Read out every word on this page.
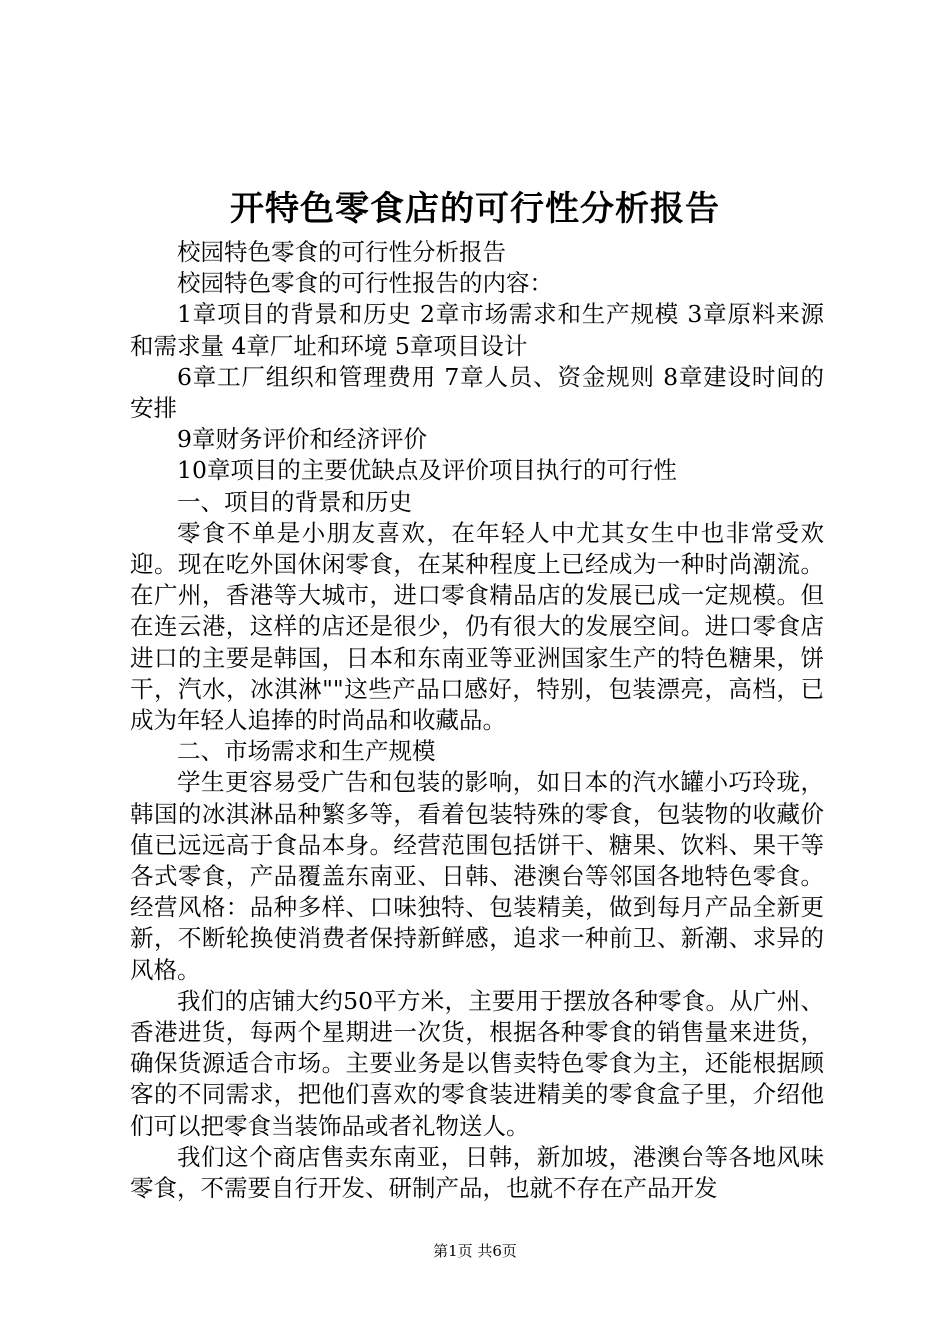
开特色零食店的可行性分析报告

校园特色零食的可行性分析报告

校园特色零食的可行性报告的内容：

1章项目的背景和历史 2章市场需求和生产规模 3章原料来源和需求量 4章厂址和环境 5章项目设计

6章工厂组织和管理费用 7章人员、资金规则 8章建设时间的安排

9章财务评价和经济评价

10章项目的主要优缺点及评价项目执行的可行性

一、项目的背景和历史

零食不单是小朋友喜欢，在年轻人中尤其女生中也非常受欢迎。现在吃外国休闲零食，在某种程度上已经成为一种时尚潮流。在广州，香港等大城市，进口零食精品店的发展已成一定规模。但在连云港，这样的店还是很少，仍有很大的发展空间。进口零食店进口的主要是韩国，日本和东南亚等亚洲国家生产的特色糖果，饼干，汽水，冰淇淋""这些产品口感好，特别，包装漂亮，高档，已成为年轻人追捧的时尚品和收藏品。

二、市场需求和生产规模

学生更容易受广告和包装的影响，如日本的汽水罐小巧玲珑，韩国的冰淇淋品种繁多等，看着包装特殊的零食，包装物的收藏价值已远远高于食品本身。经营范围包括饼干、糖果、饮料、果干等各式零食，产品覆盖东南亚、日韩、港澳台等邻国各地特色零食。经营风格：品种多样、口味独特、包装精美，做到每月产品全新更新，不断轮换使消费者保持新鲜感，追求一种前卫、新潮、求异的风格。

我们的店铺大约50平方米，主要用于摆放各种零食。从广州、香港进货，每两个星期进一次货，根据各种零食的销售量来进货，确保货源适合市场。主要业务是以售卖特色零食为主，还能根据顾客的不同需求，把他们喜欢的零食装进精美的零食盒子里，介绍他们可以把零食当装饰品或者礼物送人。

我们这个商店售卖东南亚，日韩，新加坡，港澳台等各地风味零食，不需要自行开发、研制产品，也就不存在产品开发

第1页 共6页
